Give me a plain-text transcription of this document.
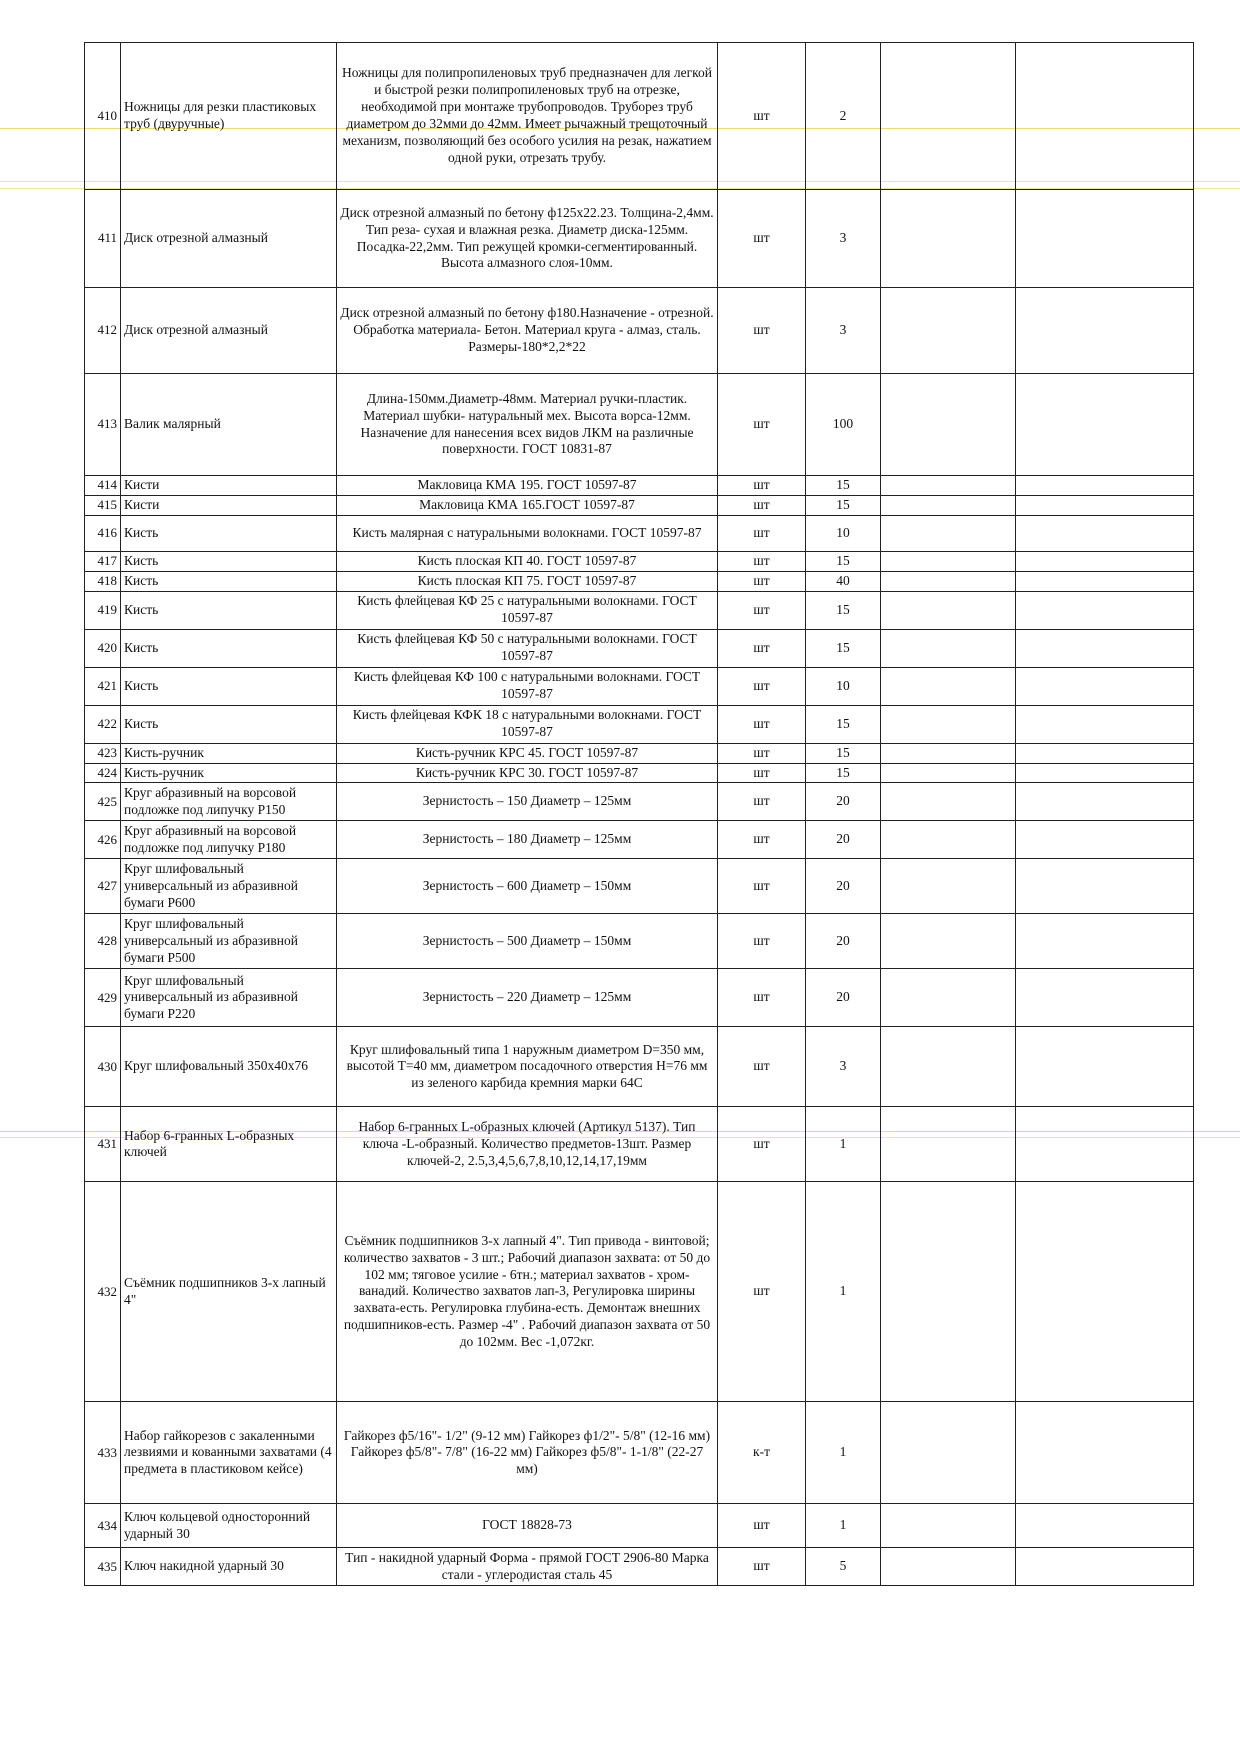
410	Ножницы для резки пластиковых труб (двуручные)	Ножницы для полипропиленовых труб предназначен для легкой и быстрой резки полипропиленовых труб на отрезке, необходимой при монтаже трубопроводов. Труборез труб диаметром до 32мми до 42мм. Имеет рычажный трещоточный механизм, позволяющий без особого усилия на резак, нажатием одной руки, отрезать трубу.	шт	2		
411	Диск отрезной алмазный	Диск отрезной алмазный по бетону ф125х22.23. Толщина-2,4мм. Тип реза- сухая и влажная резка. Диаметр диска-125мм. Посадка-22,2мм. Тип режущей кромки-сегментированный. Высота алмазного слоя-10мм.	шт	3		
412	Диск отрезной алмазный	Диск отрезной алмазный по бетону ф180.Назначение - отрезной. Обработка материала- Бетон. Материал круга - алмаз, сталь. Размеры-180*2,2*22	шт	3		
413	Валик малярный	Длина-150мм.Диаметр-48мм. Материал ручки-пластик. Материал шубки- натуральный мех. Высота ворса-12мм. Назначение для нанесения всех видов ЛКМ на различные поверхности. ГОСТ 10831-87	шт	100		
414	Кисти	Макловица КМА 195. ГОСТ 10597-87	шт	15		
415	Кисти	Макловица КМА 165.ГОСТ 10597-87	шт	15		
416	Кисть	Кисть малярная с натуральными волокнами. ГОСТ 10597-87	шт	10		
417	Кисть	Кисть плоская КП 40. ГОСТ 10597-87	шт	15		
418	Кисть	Кисть плоская КП 75. ГОСТ 10597-87	шт	40		
419	Кисть	Кисть флейцевая КФ 25 с натуральными волокнами. ГОСТ 10597-87	шт	15		
420	Кисть	Кисть флейцевая КФ 50 с натуральными волокнами. ГОСТ 10597-87	шт	15		
421	Кисть	Кисть флейцевая КФ 100 с натуральными волокнами. ГОСТ 10597-87	шт	10		
422	Кисть	Кисть флейцевая КФК 18 с натуральными волокнами. ГОСТ 10597-87	шт	15		
423	Кисть-ручник	Кисть-ручник КРС 45. ГОСТ 10597-87	шт	15		
424	Кисть-ручник	Кисть-ручник КРС 30. ГОСТ 10597-87	шт	15		
425	Круг абразивный на ворсовой подложке под липучку Р150	Зернистость – 150 Диаметр – 125мм	шт	20		
426	Круг абразивный на ворсовой подложке под липучку Р180	Зернистость – 180 Диаметр – 125мм	шт	20		
427	Круг шлифовальный универсальный из абразивной бумаги Р600	Зернистость – 600 Диаметр – 150мм	шт	20		
428	Круг шлифовальный универсальный из абразивной бумаги Р500	Зернистость – 500 Диаметр – 150мм	шт	20		
429	Круг шлифовальный универсальный из абразивной бумаги Р220	Зернистость – 220 Диаметр – 125мм	шт	20		
430	Круг шлифовальный 350х40х76	Круг шлифовальный типа 1 наружным диаметром D=350 мм, высотой Т=40 мм, диаметром посадочного отверстия Н=76 мм из зеленого карбида кремния марки 64С	шт	3		
431	Набор 6-гранных L-образных ключей	Набор 6-гранных L-образных ключей (Артикул 5137). Тип ключа -L-образный. Количество предметов-13шт. Размер ключей-2, 2.5,3,4,5,6,7,8,10,12,14,17,19мм	шт	1		
432	Съёмник подшипников 3-х лапный 4"	Съёмник подшипников 3-х лапный 4". Тип привода - винтовой; количество захватов - 3 шт.; Рабочий диапазон захвата: от 50 до 102 мм; тяговое усилие - 6тн.; материал захватов - хром-ванадий. Количество захватов лап-3, Регулировка ширины захвата-есть. Регулировка глубина-есть. Демонтаж внешних подшипников-есть. Размер -4" . Рабочий диапазон захвата от 50 до 102мм. Вес -1,072кг.	шт	1		
433	Набор гайкорезов с закаленными лезвиями и кованными захватами (4 предмета в пластиковом кейсе)	Гайкорез ф5/16"- 1/2" (9-12 мм) Гайкорез ф1/2"- 5/8" (12-16 мм) Гайкорез ф5/8"- 7/8" (16-22 мм) Гайкорез ф5/8"- 1-1/8" (22-27 мм)	к-т	1		
434	Ключ кольцевой односторонний ударный 30	ГОСТ 18828-73	шт	1		
435	Ключ накидной ударный 30	Тип - накидной ударный Форма - прямой ГОСТ 2906-80 Марка стали - углеродистая сталь 45	шт	5		
